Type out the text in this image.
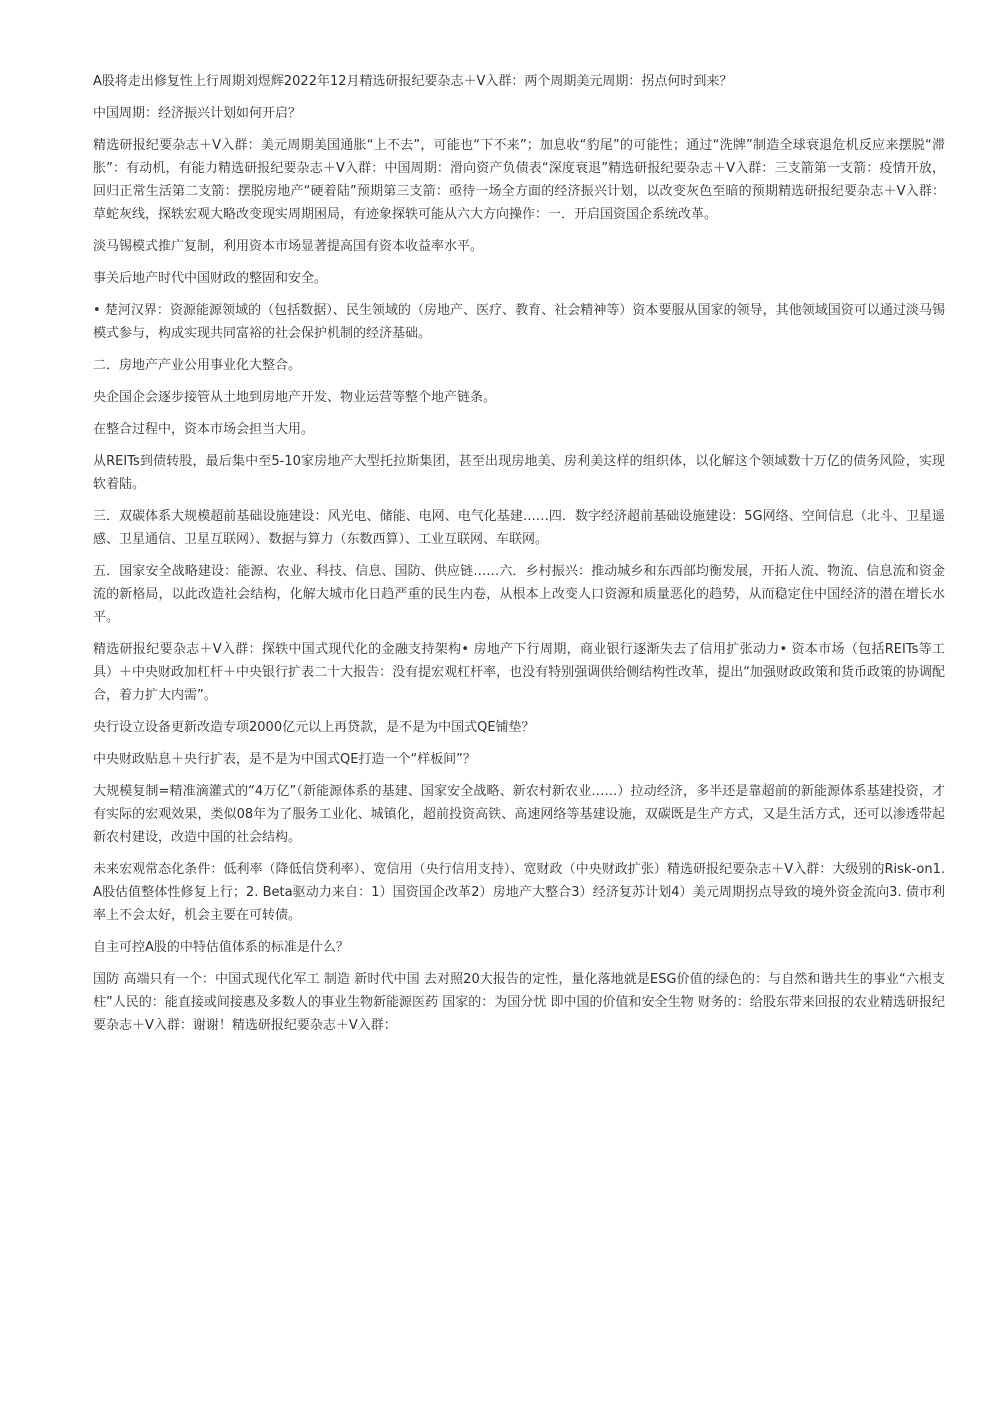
A股将走出修复性上行周期刘煜辉2022年12月精选研报纪要杂志＋V入群：两个周期美元周期：拐点何时到来？

中国周期：经济振兴计划如何开启？

精选研报纪要杂志＋V入群：美元周期美国通胀“上不去”，可能也“下不来”；加息收“豹尾”的可能性；通过“洗牌”制造全球衰退危机反应来摆脱“滞胀”：有动机，有能力精选研报纪要杂志＋V入群：中国周期：滑向资产负债表“深度衰退”精选研报纪要杂志＋V入群：三支箭第一支箭：疫情开放，回归正常生活第二支箭：摆脱房地产“硬着陆”预期第三支箭：亟待一场全方面的经济振兴计划，以改变灰色至暗的预期精选研报纪要杂志＋V入群：草蛇灰线，探轶宏观大略改变现实周期困局，有迹象探轶可能从六大方向操作：一．开启国资国企系统改革。

淡马锡模式推广复制，利用资本市场显著提高国有资本收益率水平。

事关后地产时代中国财政的整固和安全。

• 楚河汉界：资源能源领域的（包括数据）、民生领域的（房地产、医疗、教育、社会精神等）资本要服从国家的领导，其他领域国资可以通过淡马锡模式参与，构成实现共同富裕的社会保护机制的经济基础。

二．房地产产业公用事业化大整合。

央企国企会逐步接管从土地到房地产开发、物业运营等整个地产链条。

在整合过程中，资本市场会担当大用。

从REITs到债转股，最后集中至5-10家房地产大型托拉斯集团，甚至出现房地美、房利美这样的组织体，以化解这个领域数十万亿的债务风险，实现软着陆。

三．双碳体系大规模超前基础设施建设：风光电、储能、电网、电气化基建……四．数字经济超前基础设施建设：5G网络、空间信息（北斗、卫星遥感、卫星通信、卫星互联网）、数据与算力（东数西算）、工业互联网、车联网。

五．国家安全战略建设：能源、农业、科技、信息、国防、供应链……六．乡村振兴：推动城乡和东西部均衡发展，开拓人流、物流、信息流和资金流的新格局，以此改造社会结构，化解大城市化日趋严重的民生内卷，从根本上改变人口资源和质量恶化的趋势，从而稳定住中国经济的潜在增长水平。

精选研报纪要杂志＋V入群：探轶中国式现代化的金融支持架构• 房地产下行周期，商业银行逐渐失去了信用扩张动力• 资本市场（包括REITs等工具）＋中央财政加杠杆＋中央银行扩表二十大报告：没有提宏观杠杆率，也没有特别强调供给侧结构性改革，提出“加强财政政策和货币政策的协调配合，着力扩大内需”。

央行设立设备更新改造专项2000亿元以上再贷款，是不是为中国式QE铺垫？

中央财政贴息＋央行扩表，是不是为中国式QE打造一个“样板间”？

大规模复制=精准滴灌式的“4万亿”（新能源体系的基建、国家安全战略、新农村新农业……）拉动经济，多半还是靠超前的新能源体系基建投资，才有实际的宏观效果，类似08年为了服务工业化、城镇化，超前投资高铁、高速网络等基建设施，双碳既是生产方式，又是生活方式，还可以渗透带起新农村建设，改造中国的社会结构。

未来宏观常态化条件：低利率（降低信贷利率）、宽信用（央行信用支持）、宽财政（中央财政扩张）精选研报纪要杂志＋V入群：大级别的Risk-on1. A股估值整体性修复上行；2. Beta驱动力来自：1）国资国企改革2）房地产大整合3）经济复苏计划4）美元周期拐点导致的境外资金流向3. 债市利率上不会太好，机会主要在可转债。

自主可控A股的中特估值体系的标准是什么？

国防 高端只有一个：中国式现代化军工 制造 新时代中国 去对照20大报告的定性，量化落地就是ESG价值的绿色的：与自然和谐共生的事业“六根支柱”人民的：能直接或间接惠及多数人的事业生物新能源医药 国家的：为国分忧 即中国的价值和安全生物 财务的：给股东带来回报的农业精选研报纪要杂志＋V入群：谢谢！精选研报纪要杂志＋V入群：
